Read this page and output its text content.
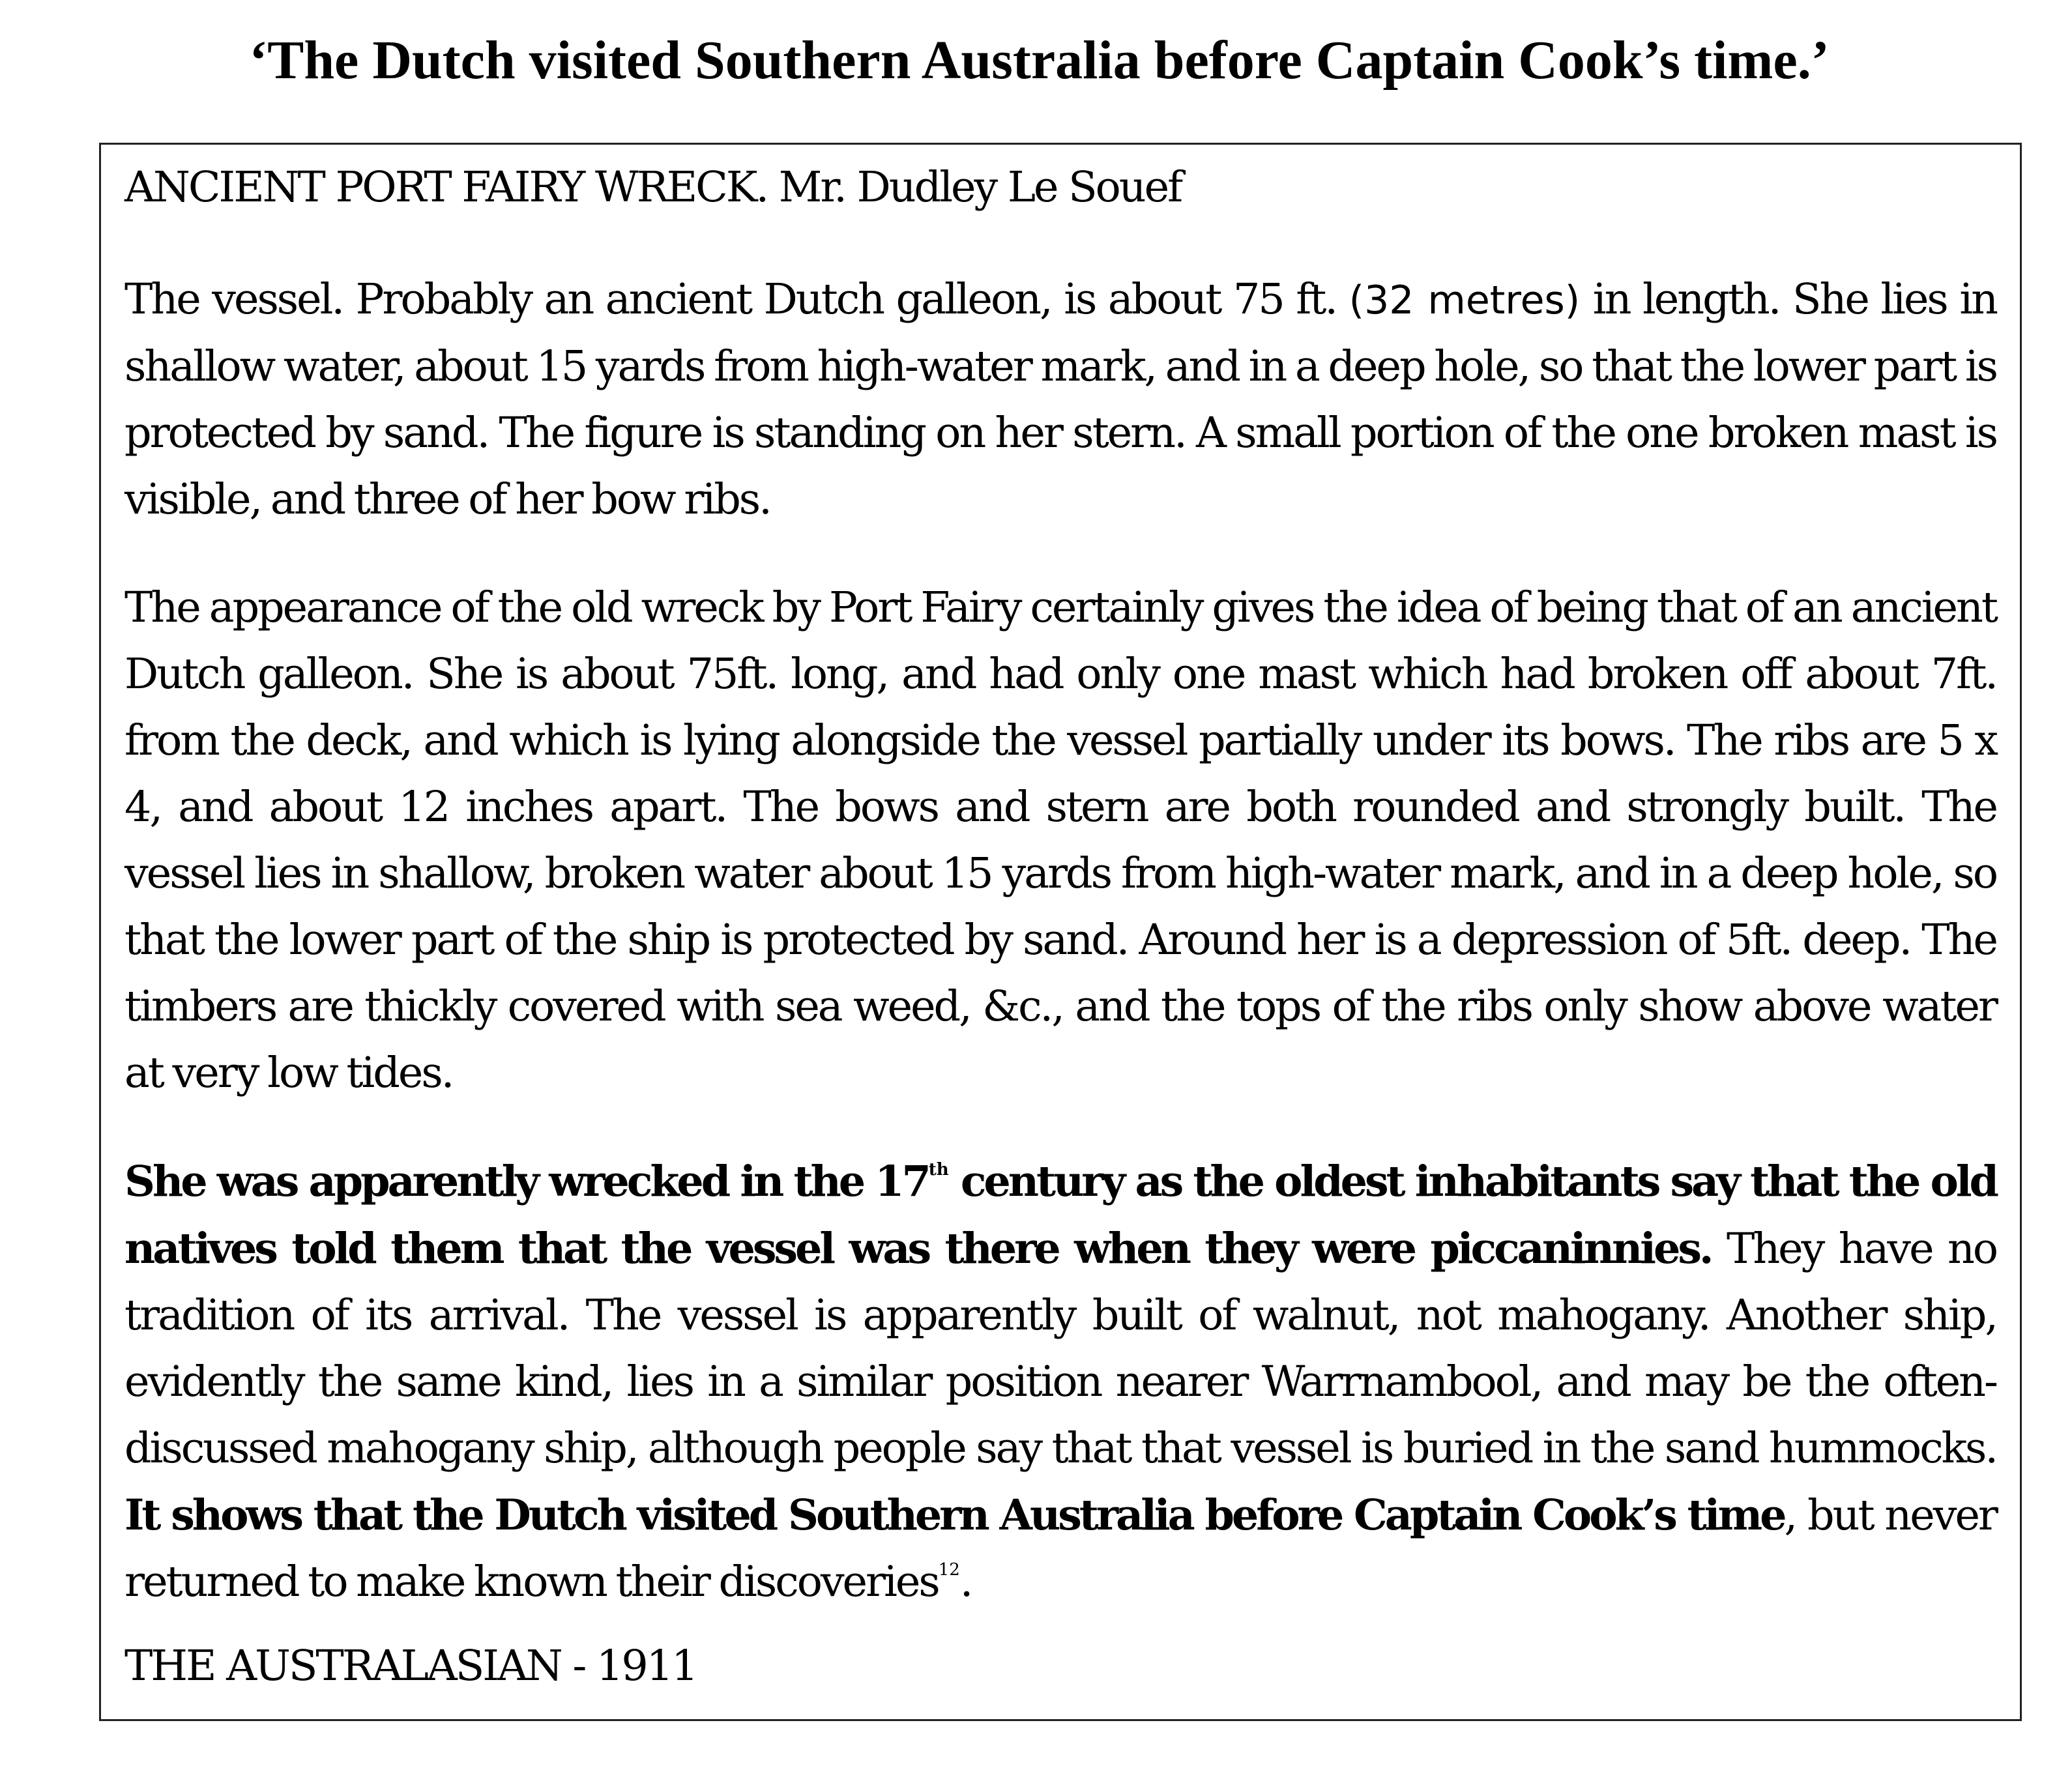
‘The Dutch visited Southern Australia before Captain Cook’s time.’
ANCIENT PORT FAIRY WRECK. Mr. Dudley Le Souef

The vessel. Probably an ancient Dutch galleon, is about 75 ft. (32 metres) in length. She lies in shallow water, about 15 yards from high-water mark, and in a deep hole, so that the lower part is protected by sand. The figure is standing on her stern. A small portion of the one broken mast is visible, and three of her bow ribs.

The appearance of the old wreck by Port Fairy certainly gives the idea of being that of an ancient Dutch galleon. She is about 75ft. long, and had only one mast which had broken off about 7ft. from the deck, and which is lying alongside the vessel partially under its bows. The ribs are 5 x 4, and about 12 inches apart. The bows and stern are both rounded and strongly built. The vessel lies in shallow, broken water about 15 yards from high-water mark, and in a deep hole, so that the lower part of the ship is protected by sand. Around her is a depression of 5ft. deep. The timbers are thickly covered with sea weed, &c., and the tops of the ribs only show above water at very low tides.

She was apparently wrecked in the 17th century as the oldest inhabitants say that the old natives told them that the vessel was there when they were piccaninnies. They have no tradition of its arrival. The vessel is apparently built of walnut, not mahogany. Another ship, evidently the same kind, lies in a similar position nearer Warrnambool, and may be the often-discussed mahogany ship, although people say that that vessel is buried in the sand hummocks. It shows that the Dutch visited Southern Australia before Captain Cook’s time, but never returned to make known their discoveries$^{12}$.

THE AUSTRALASIAN - 1911
